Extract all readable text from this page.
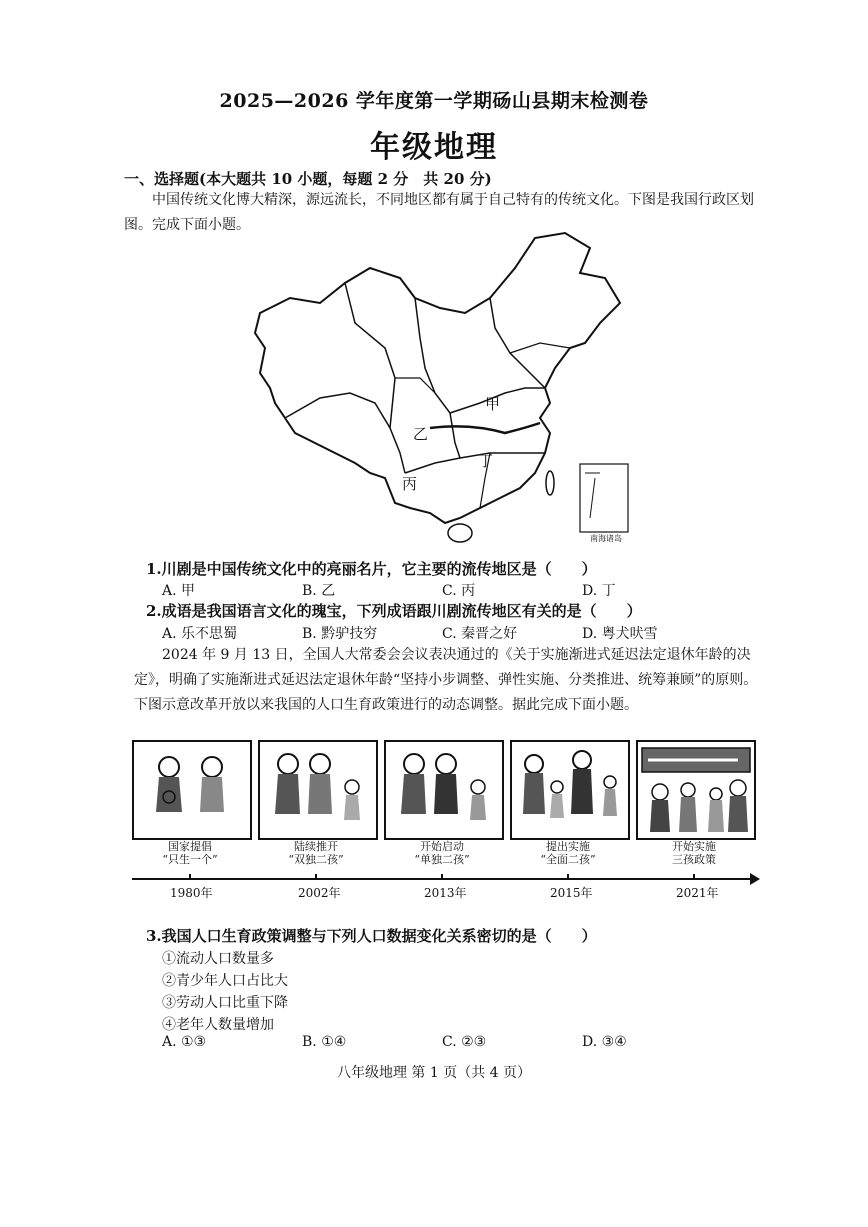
2025—2026 学年度第一学期砀山县期末检测卷
年级地理
一、选择题(本大题共 10 小题，每题 2 分　共 20 分)
中国传统文化博大精深，源远流长，不同地区都有属于自己特有的传统文化。下图是我国行政区划图。完成下面小题。
甲
乙
丙
丁
南海诸岛
1.川剧是中国传统文化中的亮丽名片，它主要的流传地区是（　　）
A. 甲	B. 乙	C. 丙	D. 丁
2.成语是我国语言文化的瑰宝，下列成语跟川剧流传地区有关的是（　　）
A. 乐不思蜀	B. 黔驴技穷	C. 秦晋之好	D. 粤犬吠雪
2024 年 9 月 13 日，全国人大常委会会议表决通过的《关于实施渐进式延迟法定退休年龄的决定》，明确了实施渐进式延迟法定退休年龄“坚持小步调整、弹性实施、分类推进、统筹兼顾”的原则。下图示意改革开放以来我国的人口生育政策进行的动态调整。据此完成下面小题。
国家提倡
“只生一个”
陆续推开
“双独二孩”
开始启动
“单独二孩”
提出实施
“全面二孩”
开始实施
三孩政策
1980年	2002年	2013年	2015年	2021年
3.我国人口生育政策调整与下列人口数据变化关系密切的是（　　）
①流动人口数量多
②青少年人口占比大
③劳动人口比重下降
④老年人数量增加
A. ①③	B. ①④	C. ②③	D. ③④
八年级地理 第 1 页（共 4 页）
